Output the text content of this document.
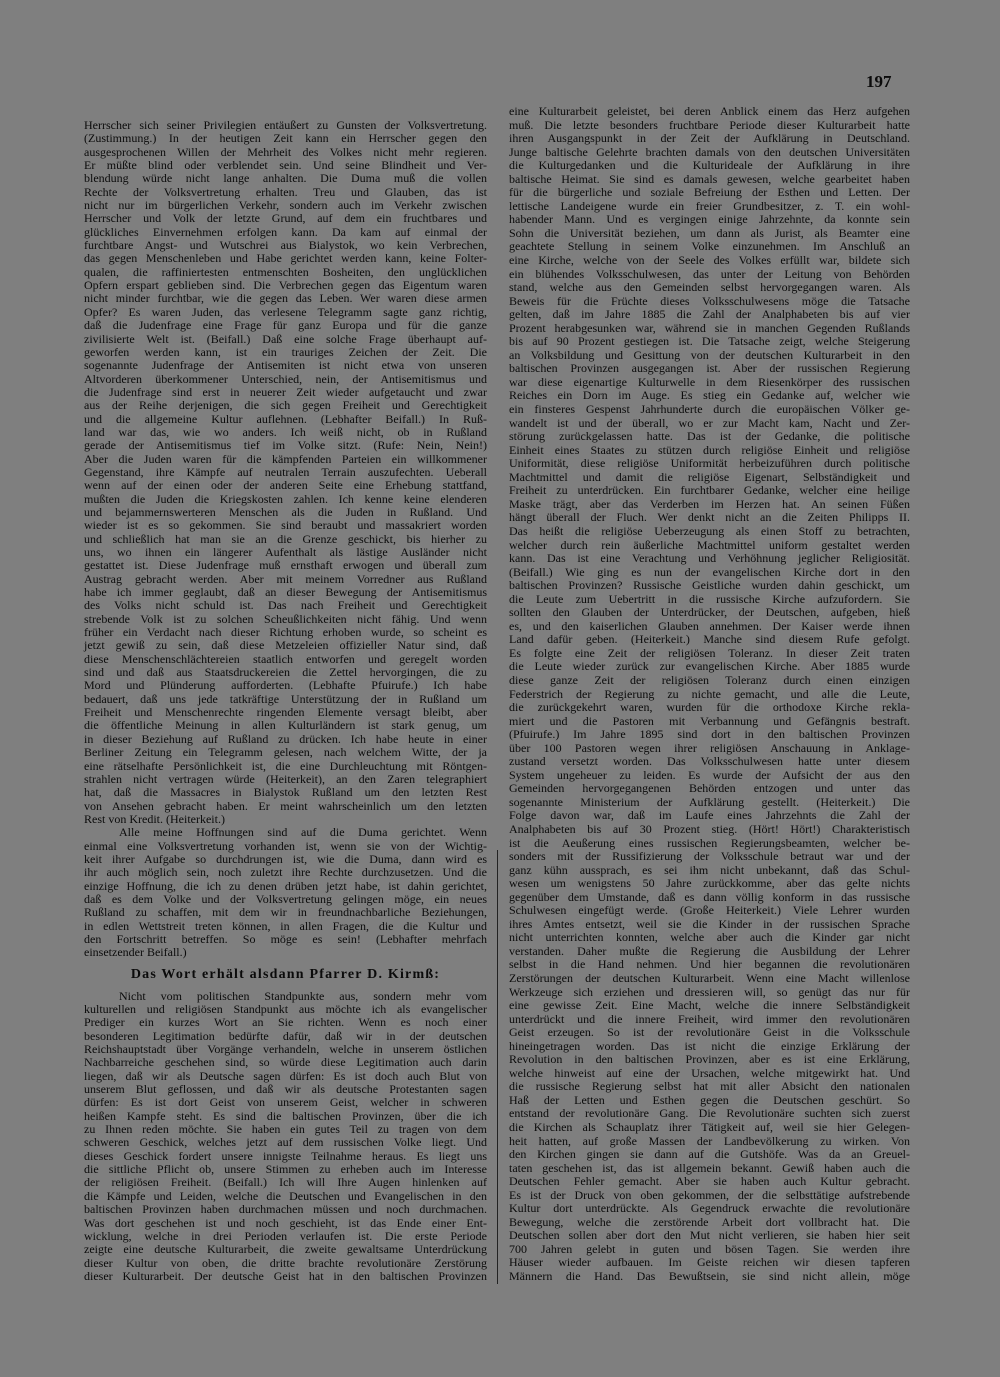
197
Herrscher sich seiner Privilegien entäußert zu Gunsten der Volksvertretung.
(Zustimmung.) In der heutigen Zeit kann ein Herrscher gegen den
ausgesprochenen Willen der Mehrheit des Volkes nicht mehr regieren.
Er müßte blind oder verblendet sein. Und seine Blindheit und Ver-
blendung würde nicht lange anhalten. Die Duma muß die vollen
Rechte der Volksvertretung erhalten. Treu und Glauben, das ist
nicht nur im bürgerlichen Verkehr, sondern auch im Verkehr zwischen
Herrscher und Volk der letzte Grund, auf dem ein fruchtbares und
glückliches Einvernehmen erfolgen kann. Da kam auf einmal der
furchtbare Angst- und Wutschrei aus Bialystok, wo kein Verbrechen,
das gegen Menschenleben und Habe gerichtet werden kann, keine Folter-
qualen, die raffiniertesten entmenschten Bosheiten, den unglücklichen
Opfern erspart geblieben sind. Die Verbrechen gegen das Eigentum waren
nicht minder furchtbar, wie die gegen das Leben. Wer waren diese armen
Opfer? Es waren Juden, das verlesene Telegramm sagte ganz richtig,
daß die Judenfrage eine Frage für ganz Europa und für die ganze
zivilisierte Welt ist. (Beifall.) Daß eine solche Frage überhaupt auf-
geworfen werden kann, ist ein trauriges Zeichen der Zeit. Die
sogenannte Judenfrage der Antisemiten ist nicht etwa von unseren
Altvorderen überkommener Unterschied, nein, der Antisemitismus und
die Judenfrage sind erst in neuerer Zeit wieder aufgetaucht und zwar
aus der Reihe derjenigen, die sich gegen Freiheit und Gerechtigkeit
und die allgemeine Kultur auflehnen. (Lebhafter Beifall.) In Ruß-
land war das, wie wo anders. Ich weiß nicht, ob in Rußland
gerade der Antisemitismus tief im Volke sitzt. (Rufe: Nein, Nein!)
Aber die Juden waren für die kämpfenden Parteien ein willkommener
Gegenstand, ihre Kämpfe auf neutralen Terrain auszufechten. Ueberall
wenn auf der einen oder der anderen Seite eine Erhebung stattfand,
mußten die Juden die Kriegskosten zahlen. Ich kenne keine elenderen
und bejammernswerteren Menschen als die Juden in Rußland. Und
wieder ist es so gekommen. Sie sind beraubt und massakriert worden
und schließlich hat man sie an die Grenze geschickt, bis hierher zu
uns, wo ihnen ein längerer Aufenthalt als lästige Ausländer nicht
gestattet ist. Diese Judenfrage muß ernsthaft erwogen und überall zum
Austrag gebracht werden. Aber mit meinem Vorredner aus Rußland
habe ich immer geglaubt, daß an dieser Bewegung der Antisemitismus
des Volks nicht schuld ist. Das nach Freiheit und Gerechtigkeit
strebende Volk ist zu solchen Scheußlichkeiten nicht fähig. Und wenn
früher ein Verdacht nach dieser Richtung erhoben wurde, so scheint es
jetzt gewiß zu sein, daß diese Metzeleien offizieller Natur sind, daß
diese Menschenschlächtereien staatlich entworfen und geregelt worden
sind und daß aus Staatsdruckereien die Zettel hervorgingen, die zu
Mord und Plünderung aufforderten. (Lebhafte Pfuirufe.) Ich habe
bedauert, daß uns jede tatkräftige Unterstützung der in Rußland um
Freiheit und Menschenrechte ringenden Elemente versagt bleibt, aber
die öffentliche Meinung in allen Kulturländern ist stark genug, um
in dieser Beziehung auf Rußland zu drücken. Ich habe heute in einer
Berliner Zeitung ein Telegramm gelesen, nach welchem Witte, der ja
eine rätselhafte Persönlichkeit ist, die eine Durchleuchtung mit Röntgen-
strahlen nicht vertragen würde (Heiterkeit), an den Zaren telegraphiert
hat, daß die Massacres in Bialystok Rußland um den letzten Rest
von Ansehen gebracht haben. Er meint wahrscheinlich um den letzten
Rest von Kredit. (Heiterkeit.)
Alle meine Hoffnungen sind auf die Duma gerichtet. Wenn
einmal eine Volksvertretung vorhanden ist, wenn sie von der Wichtig-
keit ihrer Aufgabe so durchdrungen ist, wie die Duma, dann wird es
ihr auch möglich sein, noch zuletzt ihre Rechte durchzusetzen. Und die
einzige Hoffnung, die ich zu denen drüben jetzt habe, ist dahin gerichtet,
daß es dem Volke und der Volksvertretung gelingen möge, ein neues
Rußland zu schaffen, mit dem wir in freundnachbarliche Beziehungen,
in edlen Wettstreit treten können, in allen Fragen, die die Kultur und
den Fortschritt betreffen. So möge es sein! (Lebhafter mehrfach
einsetzender Beifall.)
Das Wort erhält alsdann Pfarrer D. Kirmß:
Nicht vom politischen Standpunkte aus, sondern mehr vom
kulturellen und religiösen Standpunkt aus möchte ich als evangelischer
Prediger ein kurzes Wort an Sie richten. Wenn es noch einer
besonderen Legitimation bedürfte dafür, daß wir in der deutschen
Reichshauptstadt über Vorgänge verhandeln, welche in unserem östlichen
Nachbarreiche geschehen sind, so würde diese Legitimation auch darin
liegen, daß wir als Deutsche sagen dürfen: Es ist doch auch Blut von
unserem Blut geflossen, und daß wir als deutsche Protestanten sagen
dürfen: Es ist dort Geist von unserem Geist, welcher in schweren
heißen Kampfe steht. Es sind die baltischen Provinzen, über die ich
zu Ihnen reden möchte. Sie haben ein gutes Teil zu tragen von dem
schweren Geschick, welches jetzt auf dem russischen Volke liegt. Und
dieses Geschick fordert unsere innigste Teilnahme heraus. Es liegt uns
die sittliche Pflicht ob, unsere Stimmen zu erheben auch im Interesse
der religiösen Freiheit. (Beifall.) Ich will Ihre Augen hinlenken auf
die Kämpfe und Leiden, welche die Deutschen und Evangelischen in den
baltischen Provinzen haben durchmachen müssen und noch durchmachen.
Was dort geschehen ist und noch geschieht, ist das Ende einer Ent-
wicklung, welche in drei Perioden verlaufen ist. Die erste Periode
zeigte eine deutsche Kulturarbeit, die zweite gewaltsame Unterdrückung
dieser Kultur von oben, die dritte brachte revolutionäre Zerstörung
dieser Kulturarbeit. Der deutsche Geist hat in den baltischen Provinzen
eine Kulturarbeit geleistet, bei deren Anblick einem das Herz aufgehen
muß. Die letzte besonders fruchtbare Periode dieser Kulturarbeit hatte
ihren Ausgangspunkt in der Zeit der Aufklärung in Deutschland.
Junge baltische Gelehrte brachten damals von den deutschen Universitäten
die Kulturgedanken und die Kulturideale der Aufklärung in ihre
baltische Heimat. Sie sind es damals gewesen, welche gearbeitet haben
für die bürgerliche und soziale Befreiung der Esthen und Letten. Der
lettische Landeigene wurde ein freier Grundbesitzer, z. T. ein wohl-
habender Mann. Und es vergingen einige Jahrzehnte, da konnte sein
Sohn die Universität beziehen, um dann als Jurist, als Beamter eine
geachtete Stellung in seinem Volke einzunehmen. Im Anschluß an
eine Kirche, welche von der Seele des Volkes erfüllt war, bildete sich
ein blühendes Volksschulwesen, das unter der Leitung von Behörden
stand, welche aus den Gemeinden selbst hervorgegangen waren. Als
Beweis für die Früchte dieses Volksschulwesens möge die Tatsache
gelten, daß im Jahre 1885 die Zahl der Analphabeten bis auf vier
Prozent herabgesunken war, während sie in manchen Gegenden Rußlands
bis auf 90 Prozent gestiegen ist. Die Tatsache zeigt, welche Steigerung
an Volksbildung und Gesittung von der deutschen Kulturarbeit in den
baltischen Provinzen ausgegangen ist. Aber der russischen Regierung
war diese eigenartige Kulturwelle in dem Riesenkörper des russischen
Reiches ein Dorn im Auge. Es stieg ein Gedanke auf, welcher wie
ein finsteres Gespenst Jahrhunderte durch die europäischen Völker ge-
wandelt ist und der überall, wo er zur Macht kam, Nacht und Zer-
störung zurückgelassen hatte. Das ist der Gedanke, die politische
Einheit eines Staates zu stützen durch religiöse Einheit und religiöse
Uniformität, diese religiöse Uniformität herbeizuführen durch politische
Machtmittel und damit die religiöse Eigenart, Selbständigkeit und
Freiheit zu unterdrücken. Ein furchtbarer Gedanke, welcher eine heilige
Maske trägt, aber das Verderben im Herzen hat. An seinen Füßen
hängt überall der Fluch. Wer denkt nicht an die Zeiten Philipps II.
Das heißt die religiöse Ueberzeugung als einen Stoff zu betrachten,
welcher durch rein äußerliche Machtmittel uniform gestaltet werden
kann. Das ist eine Verachtung und Verhöhnung jeglicher Religiosität.
(Beifall.) Wie ging es nun der evangelischen Kirche dort in den
baltischen Provinzen? Russische Geistliche wurden dahin geschickt, um
die Leute zum Uebertritt in die russische Kirche aufzufordern. Sie
sollten den Glauben der Unterdrücker, der Deutschen, aufgeben, hieß
es, und den kaiserlichen Glauben annehmen. Der Kaiser werde ihnen
Land dafür geben. (Heiterkeit.) Manche sind diesem Rufe gefolgt.
Es folgte eine Zeit der religiösen Toleranz. In dieser Zeit traten
die Leute wieder zurück zur evangelischen Kirche. Aber 1885 wurde
diese ganze Zeit der religiösen Toleranz durch einen einzigen
Federstrich der Regierung zu nichte gemacht, und alle die Leute,
die zurückgekehrt waren, wurden für die orthodoxe Kirche rekla-
miert und die Pastoren mit Verbannung und Gefängnis bestraft.
(Pfuirufe.) Im Jahre 1895 sind dort in den baltischen Provinzen
über 100 Pastoren wegen ihrer religiösen Anschauung in Anklage-
zustand versetzt worden. Das Volksschulwesen hatte unter diesem
System ungeheuer zu leiden. Es wurde der Aufsicht der aus den
Gemeinden hervorgegangenen Behörden entzogen und unter das
sogenannte Ministerium der Aufklärung gestellt. (Heiterkeit.) Die
Folge davon war, daß im Laufe eines Jahrzehnts die Zahl der
Analphabeten bis auf 30 Prozent stieg. (Hört! Hört!) Charakteristisch
ist die Aeußerung eines russischen Regierungsbeamten, welcher be-
sonders mit der Russifizierung der Volksschule betraut war und der
ganz kühn aussprach, es sei ihm nicht unbekannt, daß das Schul-
wesen um wenigstens 50 Jahre zurückkomme, aber das gelte nichts
gegenüber dem Umstande, daß es dann völlig konform in das russische
Schulwesen eingefügt werde. (Große Heiterkeit.) Viele Lehrer wurden
ihres Amtes entsetzt, weil sie die Kinder in der russischen Sprache
nicht unterrichten konnten, welche aber auch die Kinder gar nicht
verstanden. Daher mußte die Regierung die Ausbildung der Lehrer
selbst in die Hand nehmen. Und hier begannen die revolutionären
Zerstörungen der deutschen Kulturarbeit. Wenn eine Macht willenlose
Werkzeuge sich erziehen und dressieren will, so genügt das nur für
eine gewisse Zeit. Eine Macht, welche die innere Selbständigkeit
unterdrückt und die innere Freiheit, wird immer den revolutionären
Geist erzeugen. So ist der revolutionäre Geist in die Volksschule
hineingetragen worden. Das ist nicht die einzige Erklärung der
Revolution in den baltischen Provinzen, aber es ist eine Erklärung,
welche hinweist auf eine der Ursachen, welche mitgewirkt hat. Und
die russische Regierung selbst hat mit aller Absicht den nationalen
Haß der Letten und Esthen gegen die Deutschen geschürt. So
entstand der revolutionäre Gang. Die Revolutionäre suchten sich zuerst
die Kirchen als Schauplatz ihrer Tätigkeit auf, weil sie hier Gelegen-
heit hatten, auf große Massen der Landbevölkerung zu wirken. Von
den Kirchen gingen sie dann auf die Gutshöfe. Was da an Greuel-
taten geschehen ist, das ist allgemein bekannt. Gewiß haben auch die
Deutschen Fehler gemacht. Aber sie haben auch Kultur gebracht.
Es ist der Druck von oben gekommen, der die selbsttätige aufstrebende
Kultur dort unterdrückte. Als Gegendruck erwachte die revolutionäre
Bewegung, welche die zerstörende Arbeit dort vollbracht hat. Die
Deutschen sollen aber dort den Mut nicht verlieren, sie haben hier seit
700 Jahren gelebt in guten und bösen Tagen. Sie werden ihre
Häuser wieder aufbauen. Im Geiste reichen wir diesen tapferen
Männern die Hand. Das Bewußtsein, sie sind nicht allein, möge
